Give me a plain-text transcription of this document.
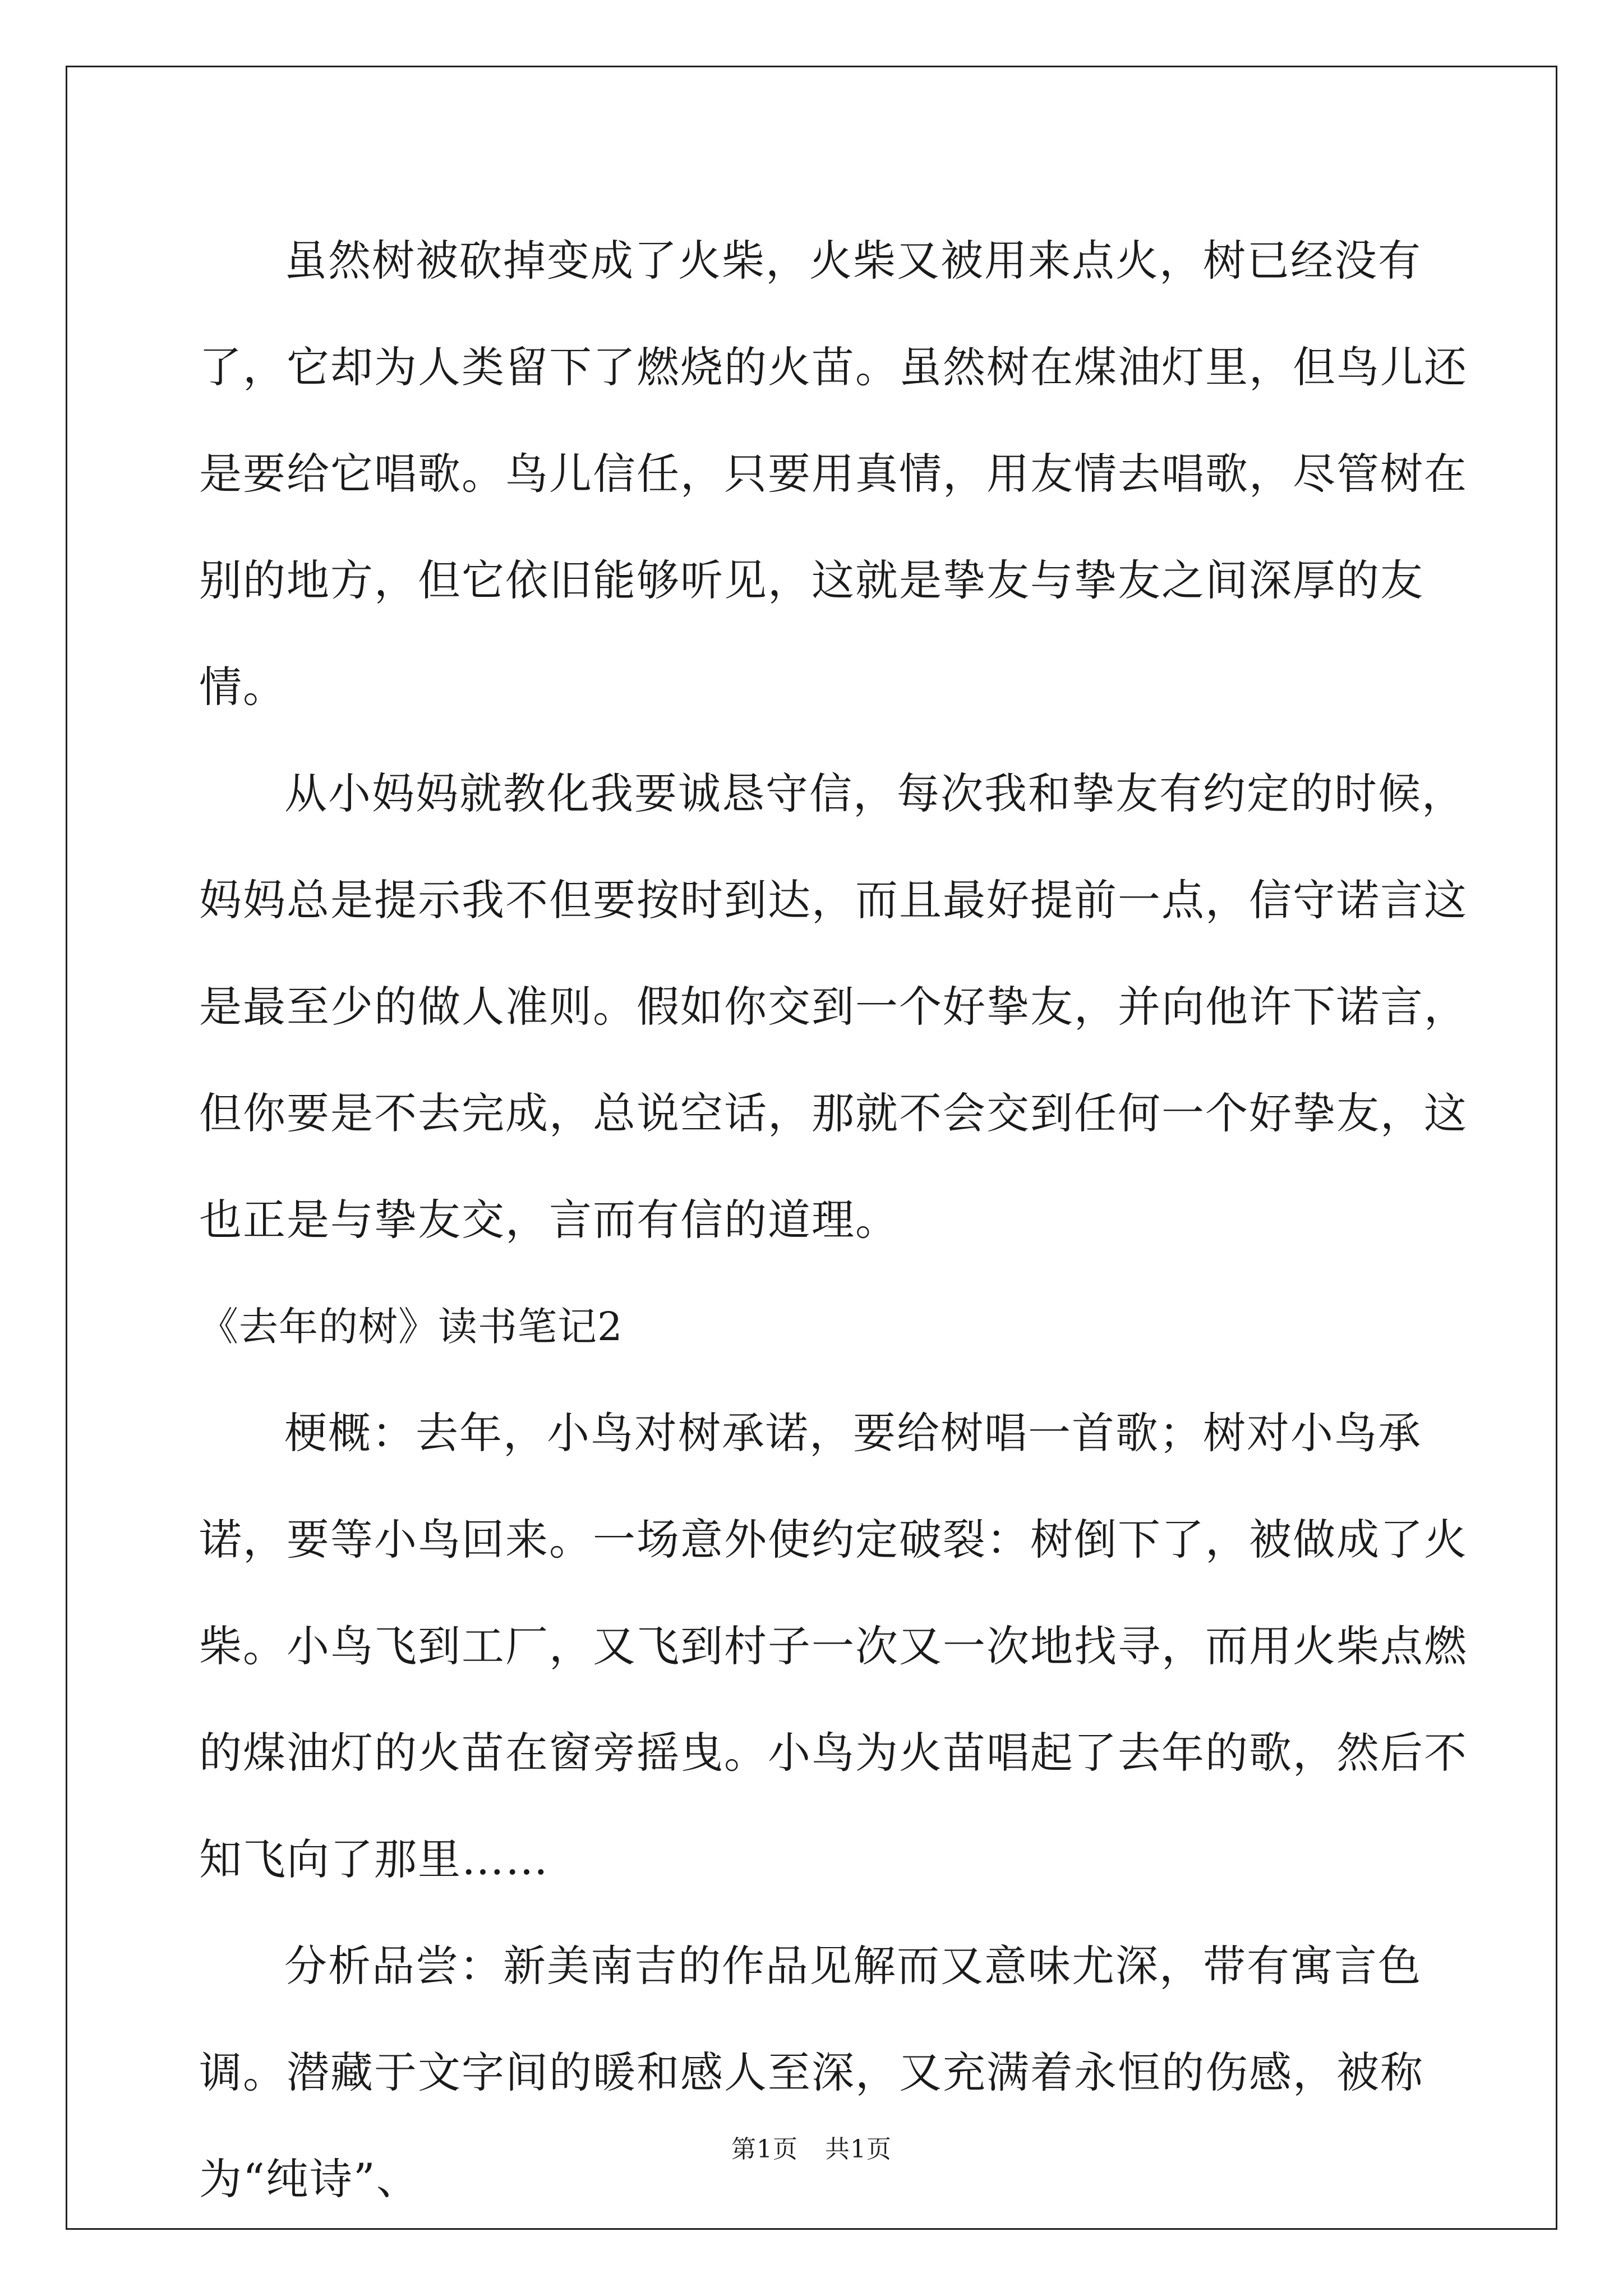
虽然树被砍掉变成了火柴，火柴又被用来点火，树已经没有了，它却为人类留下了燃烧的火苗。虽然树在煤油灯里，但鸟儿还是要给它唱歌。鸟儿信任，只要用真情，用友情去唱歌，尽管树在别的地方，但它依旧能够听见，这就是挚友与挚友之间深厚的友情。

从小妈妈就教化我要诚恳守信，每次我和挚友有约定的时候，妈妈总是提示我不但要按时到达，而且最好提前一点，信守诺言这是最至少的做人准则。假如你交到一个好挚友，并向他许下诺言，但你要是不去完成，总说空话，那就不会交到任何一个好挚友，这也正是与挚友交，言而有信的道理。

《去年的树》读书笔记2

梗概：去年，小鸟对树承诺，要给树唱一首歌；树对小鸟承诺，要等小鸟回来。一场意外使约定破裂：树倒下了，被做成了火柴。小鸟飞到工厂，又飞到村子一次又一次地找寻，而用火柴点燃的煤油灯的火苗在窗旁摇曳。小鸟为火苗唱起了去年的歌，然后不知飞向了那里……

分析品尝：新美南吉的作品见解而又意味尤深，带有寓言色调。潜藏于文字间的暖和感人至深，又充满着永恒的伤感，被称为“纯诗”、

第1页 共1页
